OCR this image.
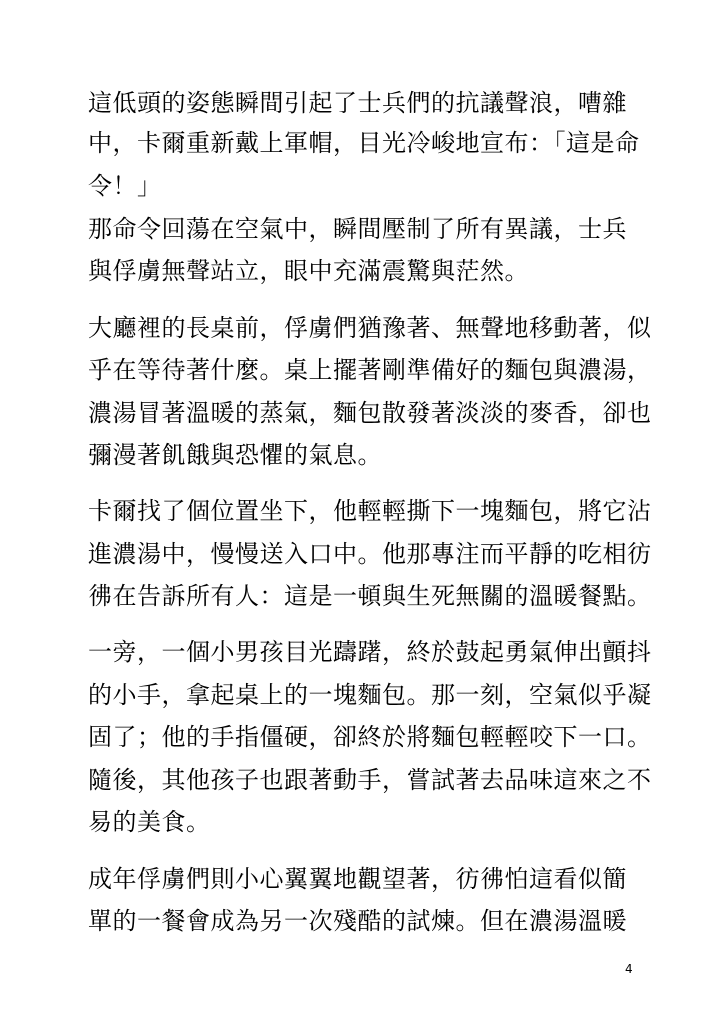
這低頭的姿態瞬間引起了士兵們的抗議聲浪，嘈雜
中，卡爾重新戴上軍帽，目光冷峻地宣布：「這是命
令！」
那命令回蕩在空氣中，瞬間壓制了所有異議，士兵
與俘虜無聲站立，眼中充滿震驚與茫然。
大廳裡的長桌前，俘虜們猶豫著、無聲地移動著，似
乎在等待著什麼。桌上擺著剛準備好的麵包與濃湯，
濃湯冒著溫暖的蒸氣，麵包散發著淡淡的麥香，卻也
彌漫著飢餓與恐懼的氣息。
卡爾找了個位置坐下，他輕輕撕下一塊麵包，將它沾
進濃湯中，慢慢送入口中。他那專注而平靜的吃相彷
彿在告訴所有人：這是一頓與生死無關的溫暖餐點。
一旁，一個小男孩目光躊躇，終於鼓起勇氣伸出顫抖
的小手，拿起桌上的一塊麵包。那一刻，空氣似乎凝
固了；他的手指僵硬，卻終於將麵包輕輕咬下一口。
隨後，其他孩子也跟著動手，嘗試著去品味這來之不
易的美食。
成年俘虜們則小心翼翼地觀望著，彷彿怕這看似簡
單的一餐會成為另一次殘酷的試煉。但在濃湯溫暖
4
